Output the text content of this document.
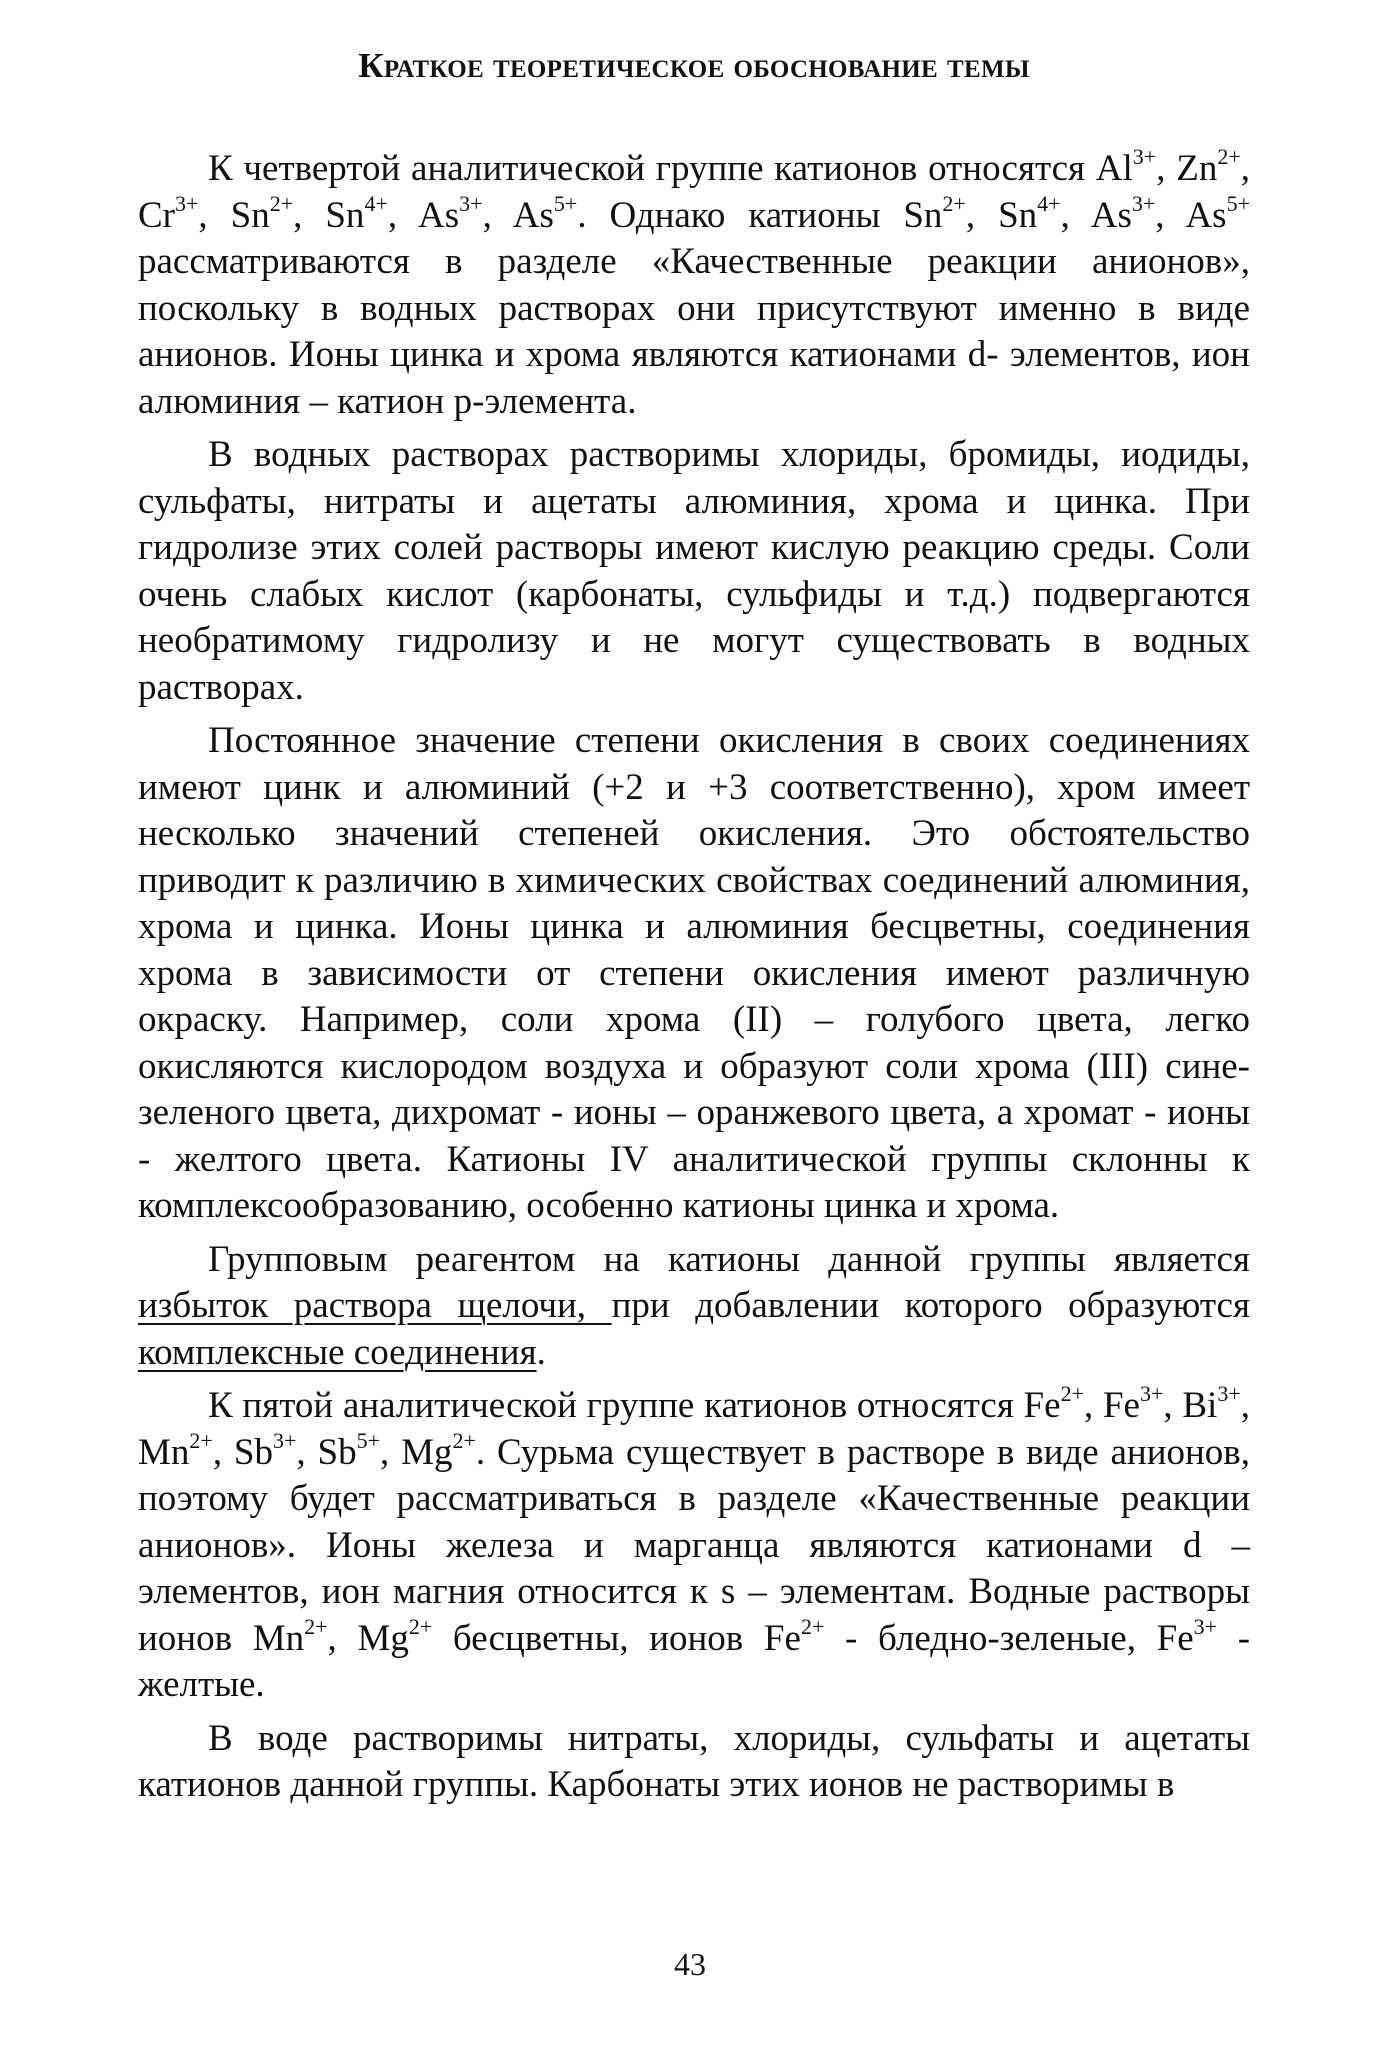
Краткое теоретическое обоснование темы

К четвертой аналитической группе катионов относятся $Al^{3+}$, $Zn^{2+}$, $Cr^{3+}$, $Sn^{2+}$, $Sn^{4+}$, $As^{3+}$, $As^{5+}$. Однако катионы $Sn^{2+}$, $Sn^{4+}$, $As^{3+}$, $As^{5+}$ рассматриваются в разделе «Качественные реакции анионов», поскольку в водных растворах они присутствуют именно в виде анионов. Ионы цинка и хрома являются катионами d- элементов, ион алюминия – катион р-элемента.

В водных растворах растворимы хлориды, бромиды, иодиды, сульфаты, нитраты и ацетаты алюминия, хрома и цинка. При гидролизе этих солей растворы имеют кислую реакцию среды. Соли очень слабых кислот (карбонаты, сульфиды и т.д.) подвергаются необратимому гидролизу и не могут существовать в водных растворах.

Постоянное значение степени окисления в своих соединениях имеют цинк и алюминий (+2 и +3 соответственно), хром имеет несколько значений степеней окисления. Это обстоятельство приводит к различию в химических свойствах соединений алюминия, хрома и цинка. Ионы цинка и алюминия бесцветны, соединения хрома в зависимости от степени окисления имеют различную окраску. Например, соли хрома (II) – голубого цвета, легко окисляются кислородом воздуха и образуют соли хрома (III) сине-зеленого цвета, дихромат - ионы – оранжевого цвета, а хромат - ионы - желтого цвета. Катионы IV аналитической группы склонны к комплексообразованию, особенно катионы цинка и хрома.

Групповым реагентом на катионы данной группы является избыток раствора щелочи, при добавлении которого образуются комплексные соединения.

К пятой аналитической группе катионов относятся $Fe^{2+}$, $Fe^{3+}$, $Bi^{3+}$, $Mn^{2+}$, $Sb^{3+}$, $Sb^{5+}$, $Mg^{2+}$. Сурьма существует в растворе в виде анионов, поэтому будет рассматриваться в разделе «Качественные реакции анионов». Ионы железа и марганца являются катионами d – элементов, ион магния относится к s – элементам. Водные растворы ионов $Mn^{2+}$, $Mg^{2+}$ бесцветны, ионов $Fe^{2+}$ - бледно-зеленые, $Fe^{3+}$ - желтые.

В воде растворимы нитраты, хлориды, сульфаты и ацетаты катионов данной группы. Карбонаты этих ионов не растворимы в

43
